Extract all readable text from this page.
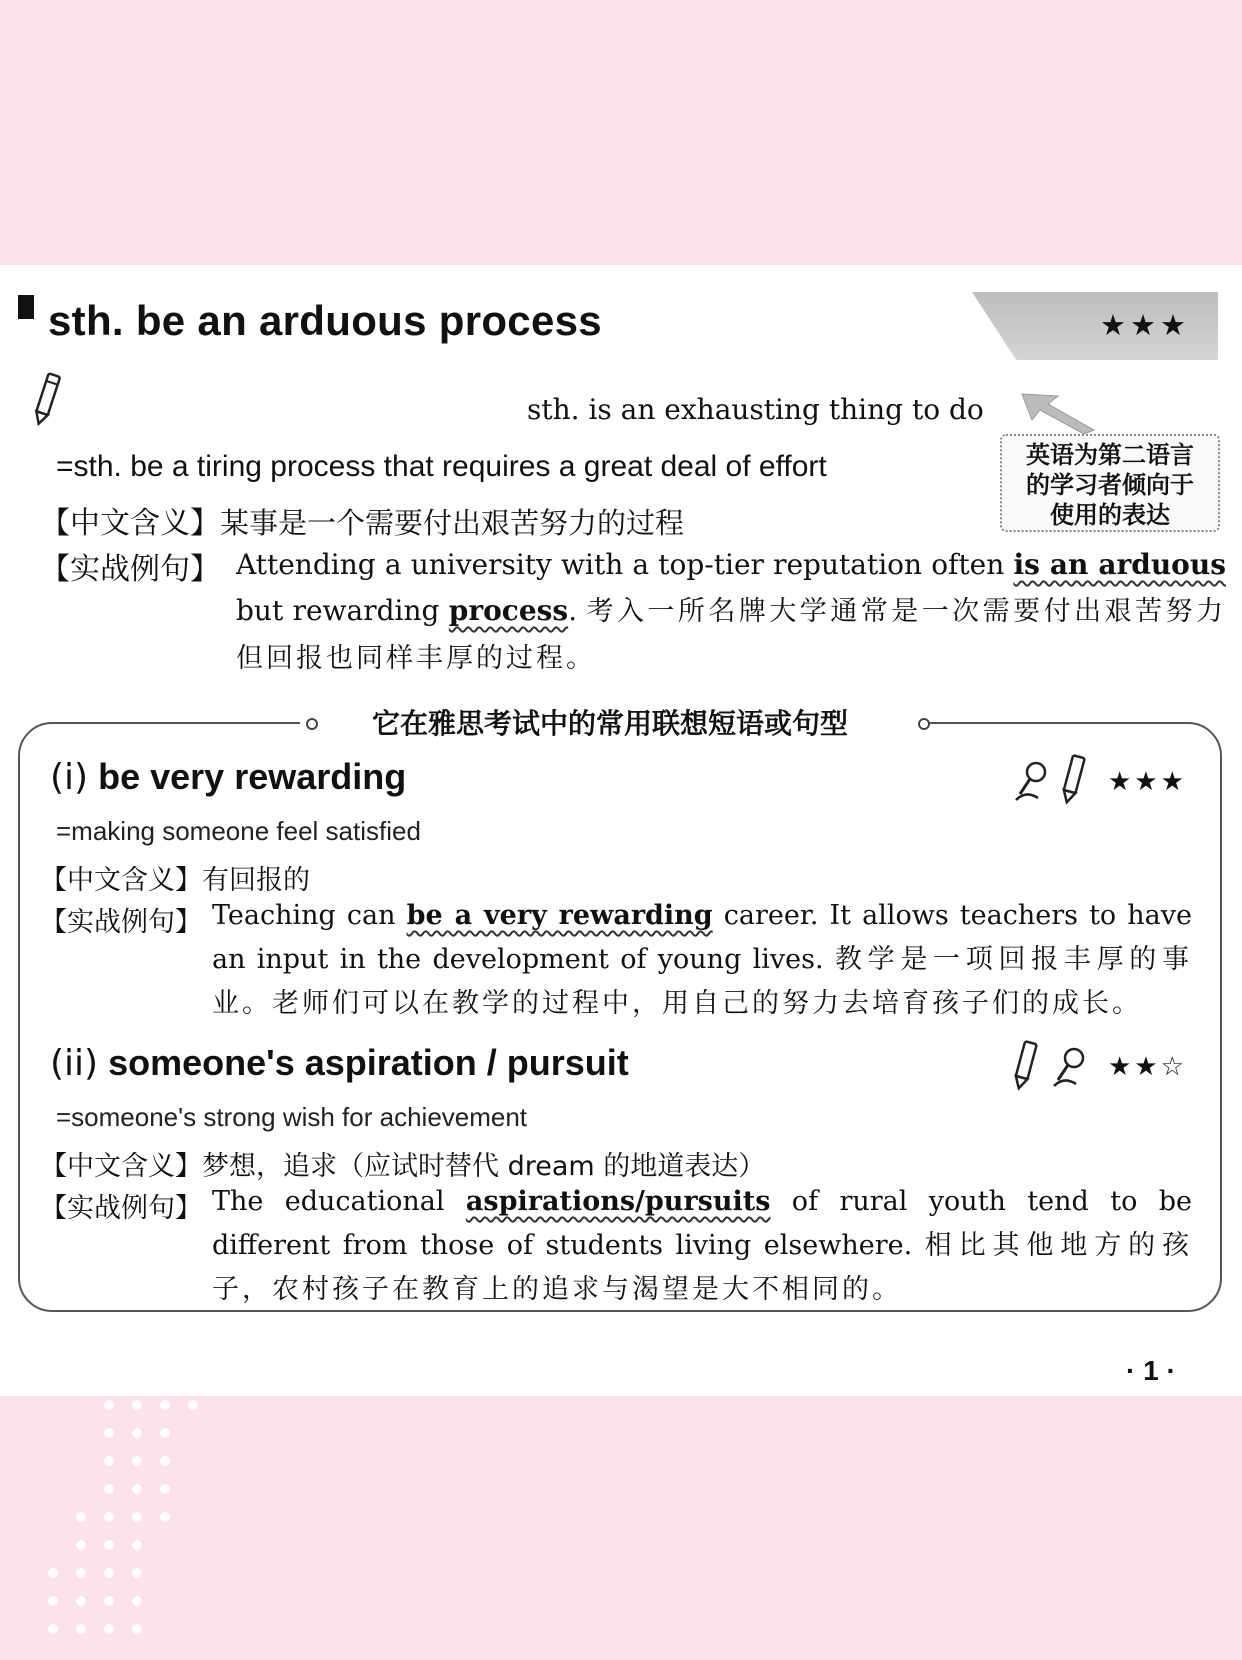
sth. be an arduous process	★★★
sth. is an exhausting thing to do
英语为第二语言
的学习者倾向于
使用的表达
=sth. be a tiring process that requires a great deal of effort
【中文含义】某事是一个需要付出艰苦努力的过程
【实战例句】 Attending a university with a top-tier reputation often is an arduous but rewarding process. 考入一所名牌大学通常是一次需要付出艰苦努力但回报也同样丰厚的过程。
它在雅思考试中的常用联想短语或句型
(i) be very rewarding	★★★
=making someone feel satisfied
【中文含义】有回报的
【实战例句】 Teaching can be a very rewarding career. It allows teachers to have an input in the development of young lives. 教学是一项回报丰厚的事业。老师们可以在教学的过程中，用自己的努力去培育孩子们的成长。
(ii) someone's aspiration / pursuit	★★☆
=someone's strong wish for achievement
【中文含义】梦想，追求（应试时替代 dream 的地道表达）
【实战例句】 The educational aspirations/pursuits of rural youth tend to be different from those of students living elsewhere. 相比其他地方的孩子，农村孩子在教育上的追求与渴望是大不相同的。
· 1 ·
